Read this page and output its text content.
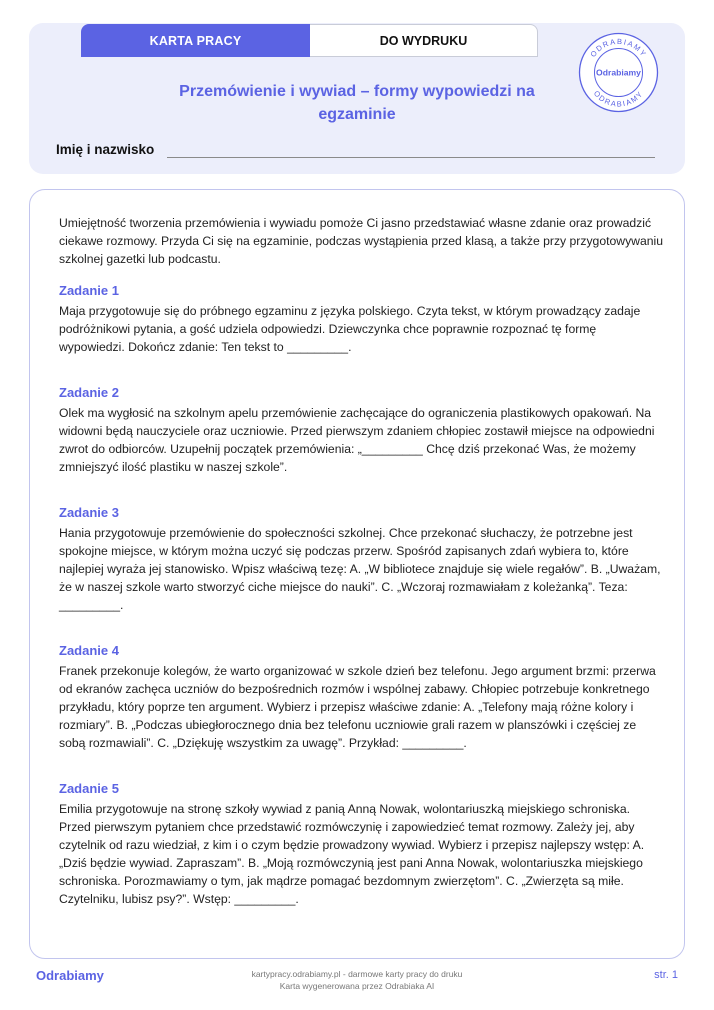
KARTA PRACY	DO WYDRUKU
ODRABIAMY
Odrabiamy
ODRABIAMY
Przemówienie i wywiad – formy wypowiedzi na egzaminie
Imię i nazwisko

Umiejętność tworzenia przemówienia i wywiadu pomoże Ci jasno przedstawiać własne zdanie oraz prowadzić ciekawe rozmowy. Przyda Ci się na egzaminie, podczas wystąpienia przed klasą, a także przy przygotowywaniu szkolnej gazetki lub podcastu.

Zadanie 1

Maja przygotowuje się do próbnego egzaminu z języka polskiego. Czyta tekst, w którym prowadzący zadaje podróżnikowi pytania, a gość udziela odpowiedzi. Dziewczynka chce poprawnie rozpoznać tę formę wypowiedzi. Dokończ zdanie: Ten tekst to _________.

Zadanie 2

Olek ma wygłosić na szkolnym apelu przemówienie zachęcające do ograniczenia plastikowych opakowań. Na widowni będą nauczyciele oraz uczniowie. Przed pierwszym zdaniem chłopiec zostawił miejsce na odpowiedni zwrot do odbiorców. Uzupełnij początek przemówienia: „_________ Chcę dziś przekonać Was, że możemy zmniejszyć ilość plastiku w naszej szkole”.

Zadanie 3

Hania przygotowuje przemówienie do społeczności szkolnej. Chce przekonać słuchaczy, że potrzebne jest spokojne miejsce, w którym można uczyć się podczas przerw. Spośród zapisanych zdań wybiera to, które najlepiej wyraża jej stanowisko. Wpisz właściwą tezę: A. „W bibliotece znajduje się wiele regałów”. B. „Uważam, że w naszej szkole warto stworzyć ciche miejsce do nauki”. C. „Wczoraj rozmawiałam z koleżanką”. Teza: _________.

Zadanie 4

Franek przekonuje kolegów, że warto organizować w szkole dzień bez telefonu. Jego argument brzmi: przerwa od ekranów zachęca uczniów do bezpośrednich rozmów i wspólnej zabawy. Chłopiec potrzebuje konkretnego przykładu, który poprze ten argument. Wybierz i przepisz właściwe zdanie: A. „Telefony mają różne kolory i rozmiary”. B. „Podczas ubiegłorocznego dnia bez telefonu uczniowie grali razem w planszówki i częściej ze sobą rozmawiali”. C. „Dziękuję wszystkim za uwagę”. Przykład: _________.

Zadanie 5

Emilia przygotowuje na stronę szkoły wywiad z panią Anną Nowak, wolontariuszką miejskiego schroniska. Przed pierwszym pytaniem chce przedstawić rozmówczynię i zapowiedzieć temat rozmowy. Zależy jej, aby czytelnik od razu wiedział, z kim i o czym będzie prowadzony wywiad. Wybierz i przepisz najlepszy wstęp: A. „Dziś będzie wywiad. Zapraszam”. B. „Moją rozmówczynią jest pani Anna Nowak, wolontariuszka miejskiego schroniska. Porozmawiamy o tym, jak mądrze pomagać bezdomnym zwierzętom”. C. „Zwierzęta są miłe. Czytelniku, lubisz psy?”. Wstęp: _________.

Odrabiamy	kartypracy.odrabiamy.pl - darmowe karty pracy do druku
Karta wygenerowana przez Odrabiaka AI
str. 1
